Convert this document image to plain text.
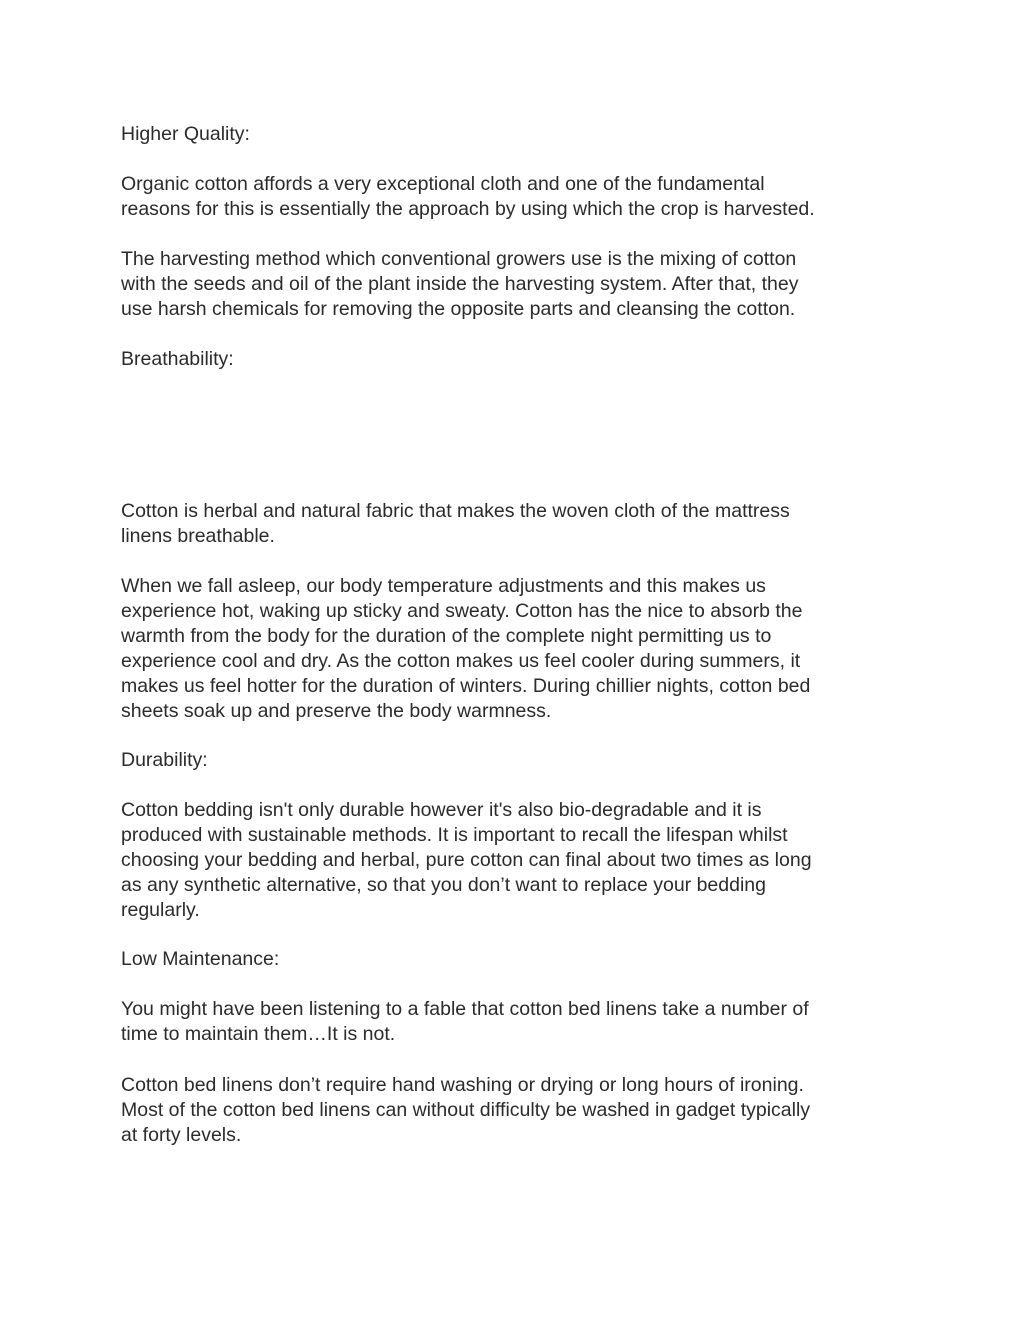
Higher Quality:

Organic cotton affords a very exceptional cloth and one of the fundamental
reasons for this is essentially the approach by using which the crop is harvested.

The harvesting method which conventional growers use is the mixing of cotton
with the seeds and oil of the plant inside the harvesting system. After that, they
use harsh chemicals for removing the opposite parts and cleansing the cotton.

Breathability:

Cotton is herbal and natural fabric that makes the woven cloth of the mattress
linens breathable.

When we fall asleep, our body temperature adjustments and this makes us
experience hot, waking up sticky and sweaty. Cotton has the nice to absorb the
warmth from the body for the duration of the complete night permitting us to
experience cool and dry. As the cotton makes us feel cooler during summers, it
makes us feel hotter for the duration of winters. During chillier nights, cotton bed
sheets soak up and preserve the body warmness.

Durability:

Cotton bedding isn't only durable however it's also bio-degradable and it is
produced with sustainable methods. It is important to recall the lifespan whilst
choosing your bedding and herbal, pure cotton can final about two times as long
as any synthetic alternative, so that you don’t want to replace your bedding
regularly.

Low Maintenance:

You might have been listening to a fable that cotton bed linens take a number of
time to maintain them…It is not.

Cotton bed linens don’t require hand washing or drying or long hours of ironing.
Most of the cotton bed linens can without difficulty be washed in gadget typically
at forty levels.
